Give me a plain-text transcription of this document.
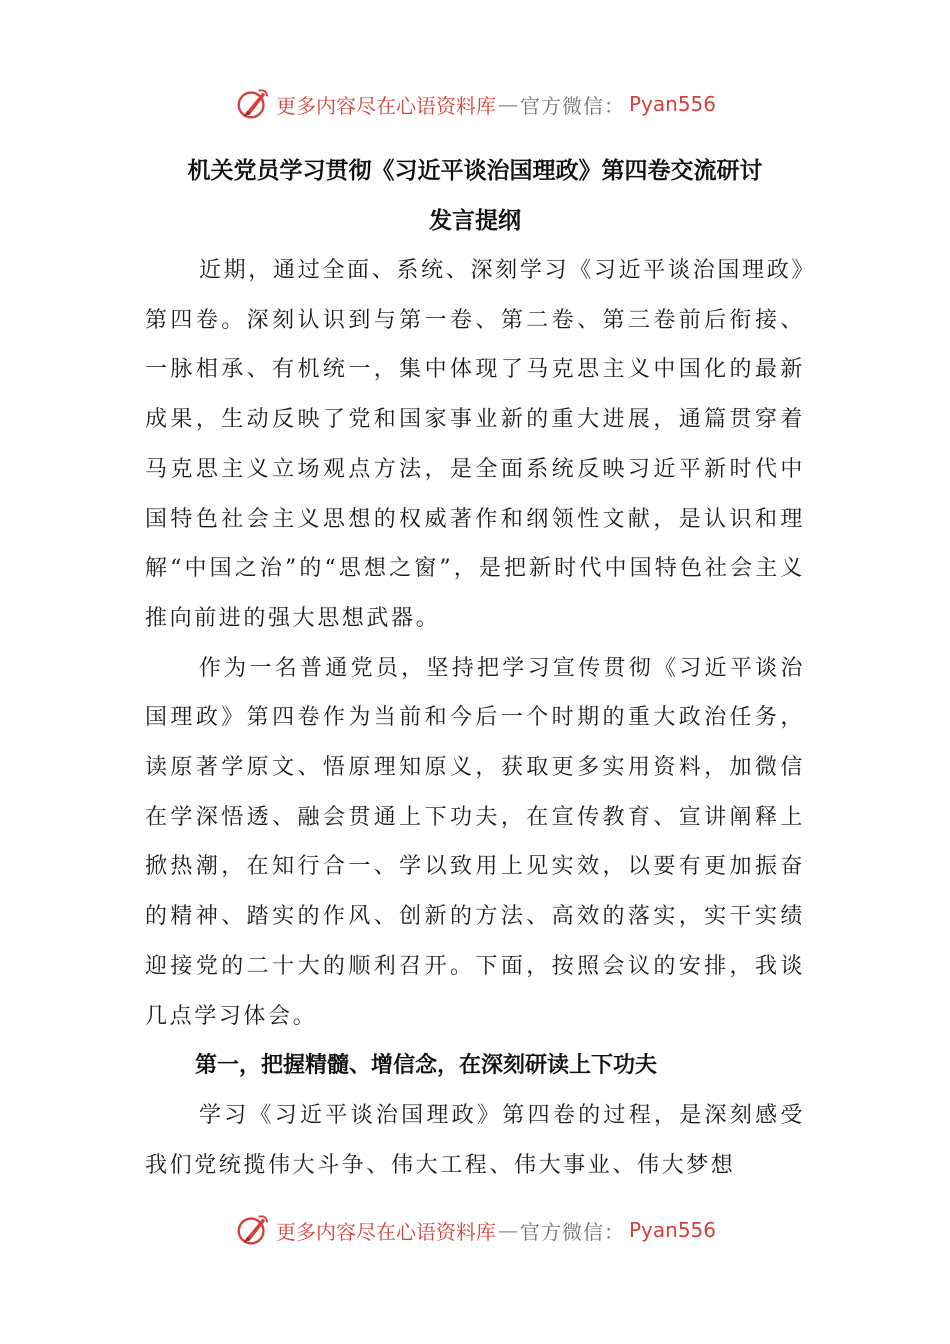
更多内容尽在心语资料库 — 官方微信： Pyan556
机关党员学习贯彻《习近平谈治国理政》第四卷交流研讨
发言提纲

近期，通过全面、系统、深刻学习《习近平谈治国理政》第四卷。深刻认识到与第一卷、第二卷、第三卷前后衔接、一脉相承、有机统一，集中体现了马克思主义中国化的最新成果，生动反映了党和国家事业新的重大进展，通篇贯穿着马克思主义立场观点方法，是全面系统反映习近平新时代中国特色社会主义思想的权威著作和纲领性文献，是认识和理解“中国之治”的“思想之窗”，是把新时代中国特色社会主义推向前进的强大思想武器。

作为一名普通党员，坚持把学习宣传贯彻《习近平谈治国理政》第四卷作为当前和今后一个时期的重大政治任务，读原著学原文、悟原理知原义，获取更多实用资料，加微信在学深悟透、融会贯通上下功夫，在宣传教育、宣讲阐释上掀热潮，在知行合一、学以致用上见实效，以要有更加振奋的精神、踏实的作风、创新的方法、高效的落实，实干实绩迎接党的二十大的顺利召开。下面，按照会议的安排，我谈几点学习体会。

第一，把握精髓、增信念，在深刻研读上下功夫

学习《习近平谈治国理政》第四卷的过程，是深刻感受我们党统揽伟大斗争、伟大工程、伟大事业、伟大梦想

更多内容尽在心语资料库 — 官方微信： Pyan556
